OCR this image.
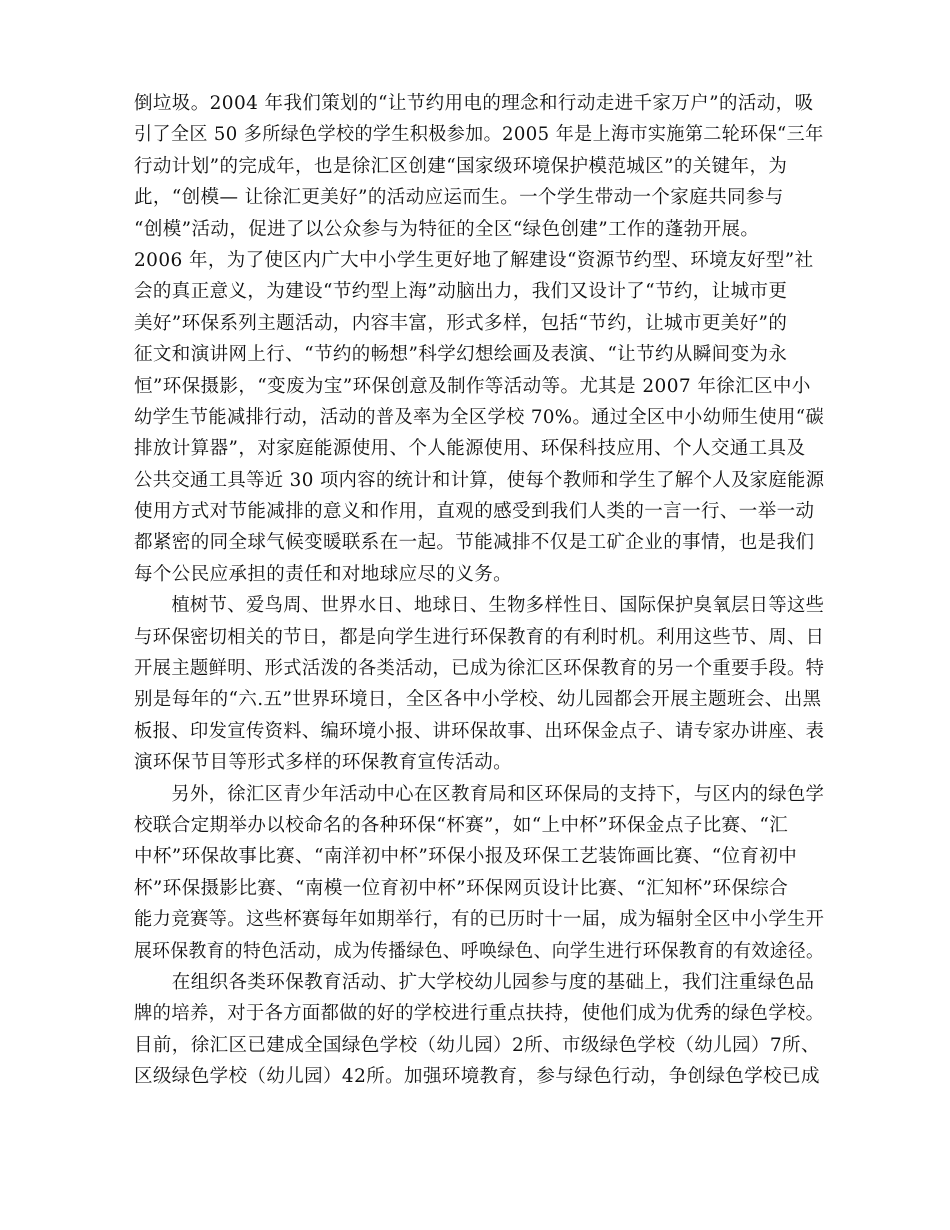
倒垃圾。2004 年我们策划的“让节约用电的理念和行动走进千家万户”的活动，吸
引了全区 50 多所绿色学校的学生积极参加。2005 年是上海市实施第二轮环保“三年
行动计划”的完成年，也是徐汇区创建“国家级环境保护模范城区”的关键年，为
此，“创模— 让徐汇更美好”的活动应运而生。一个学生带动一个家庭共同参与
“创模”活动，促进了以公众参与为特征的全区“绿色创建”工作的蓬勃开展。
2006 年，为了使区内广大中小学生更好地了解建设“资源节约型、环境友好型”社
会的真正意义，为建设“节约型上海”动脑出力，我们又设计了“节约，让城市更
美好”环保系列主题活动，内容丰富，形式多样，包括“节约，让城市更美好”的
征文和演讲网上行、“节约的畅想”科学幻想绘画及表演、“让节约从瞬间变为永
恒”环保摄影，“变废为宝”环保创意及制作等活动等。尤其是 2007 年徐汇区中小
幼学生节能减排行动，活动的普及率为全区学校 70%。通过全区中小幼师生使用“碳
排放计算器”，对家庭能源使用、个人能源使用、环保科技应用、个人交通工具及
公共交通工具等近 30 项内容的统计和计算，使每个教师和学生了解个人及家庭能源
使用方式对节能减排的意义和作用，直观的感受到我们人类的一言一行、一举一动
都紧密的同全球气候变暖联系在一起。节能减排不仅是工矿企业的事情，也是我们
每个公民应承担的责任和对地球应尽的义务。
　　植树节、爱鸟周、世界水日、地球日、生物多样性日、国际保护臭氧层日等这些
与环保密切相关的节日，都是向学生进行环保教育的有利时机。利用这些节、周、日
开展主题鲜明、形式活泼的各类活动，已成为徐汇区环保教育的另一个重要手段。特
别是每年的“六.五”世界环境日，全区各中小学校、幼儿园都会开展主题班会、出黑
板报、印发宣传资料、编环境小报、讲环保故事、出环保金点子、请专家办讲座、表
演环保节目等形式多样的环保教育宣传活动。
　　另外，徐汇区青少年活动中心在区教育局和区环保局的支持下，与区内的绿色学
校联合定期举办以校命名的各种环保“杯赛”，如“上中杯”环保金点子比赛、“汇
中杯”环保故事比赛、“南洋初中杯”环保小报及环保工艺装饰画比赛、“位育初中
杯”环保摄影比赛、“南模一位育初中杯”环保网页设计比赛、“汇知杯”环保综合
能力竞赛等。这些杯赛每年如期举行，有的已历时十一届，成为辐射全区中小学生开
展环保教育的特色活动，成为传播绿色、呼唤绿色、向学生进行环保教育的有效途径。
　　在组织各类环保教育活动、扩大学校幼儿园参与度的基础上，我们注重绿色品
牌的培养，对于各方面都做的好的学校进行重点扶持，使他们成为优秀的绿色学校。
目前，徐汇区已建成全国绿色学校（幼儿园）2所、市级绿色学校（幼儿园）7所、
区级绿色学校（幼儿园）42所。加强环境教育，参与绿色行动，争创绿色学校已成
